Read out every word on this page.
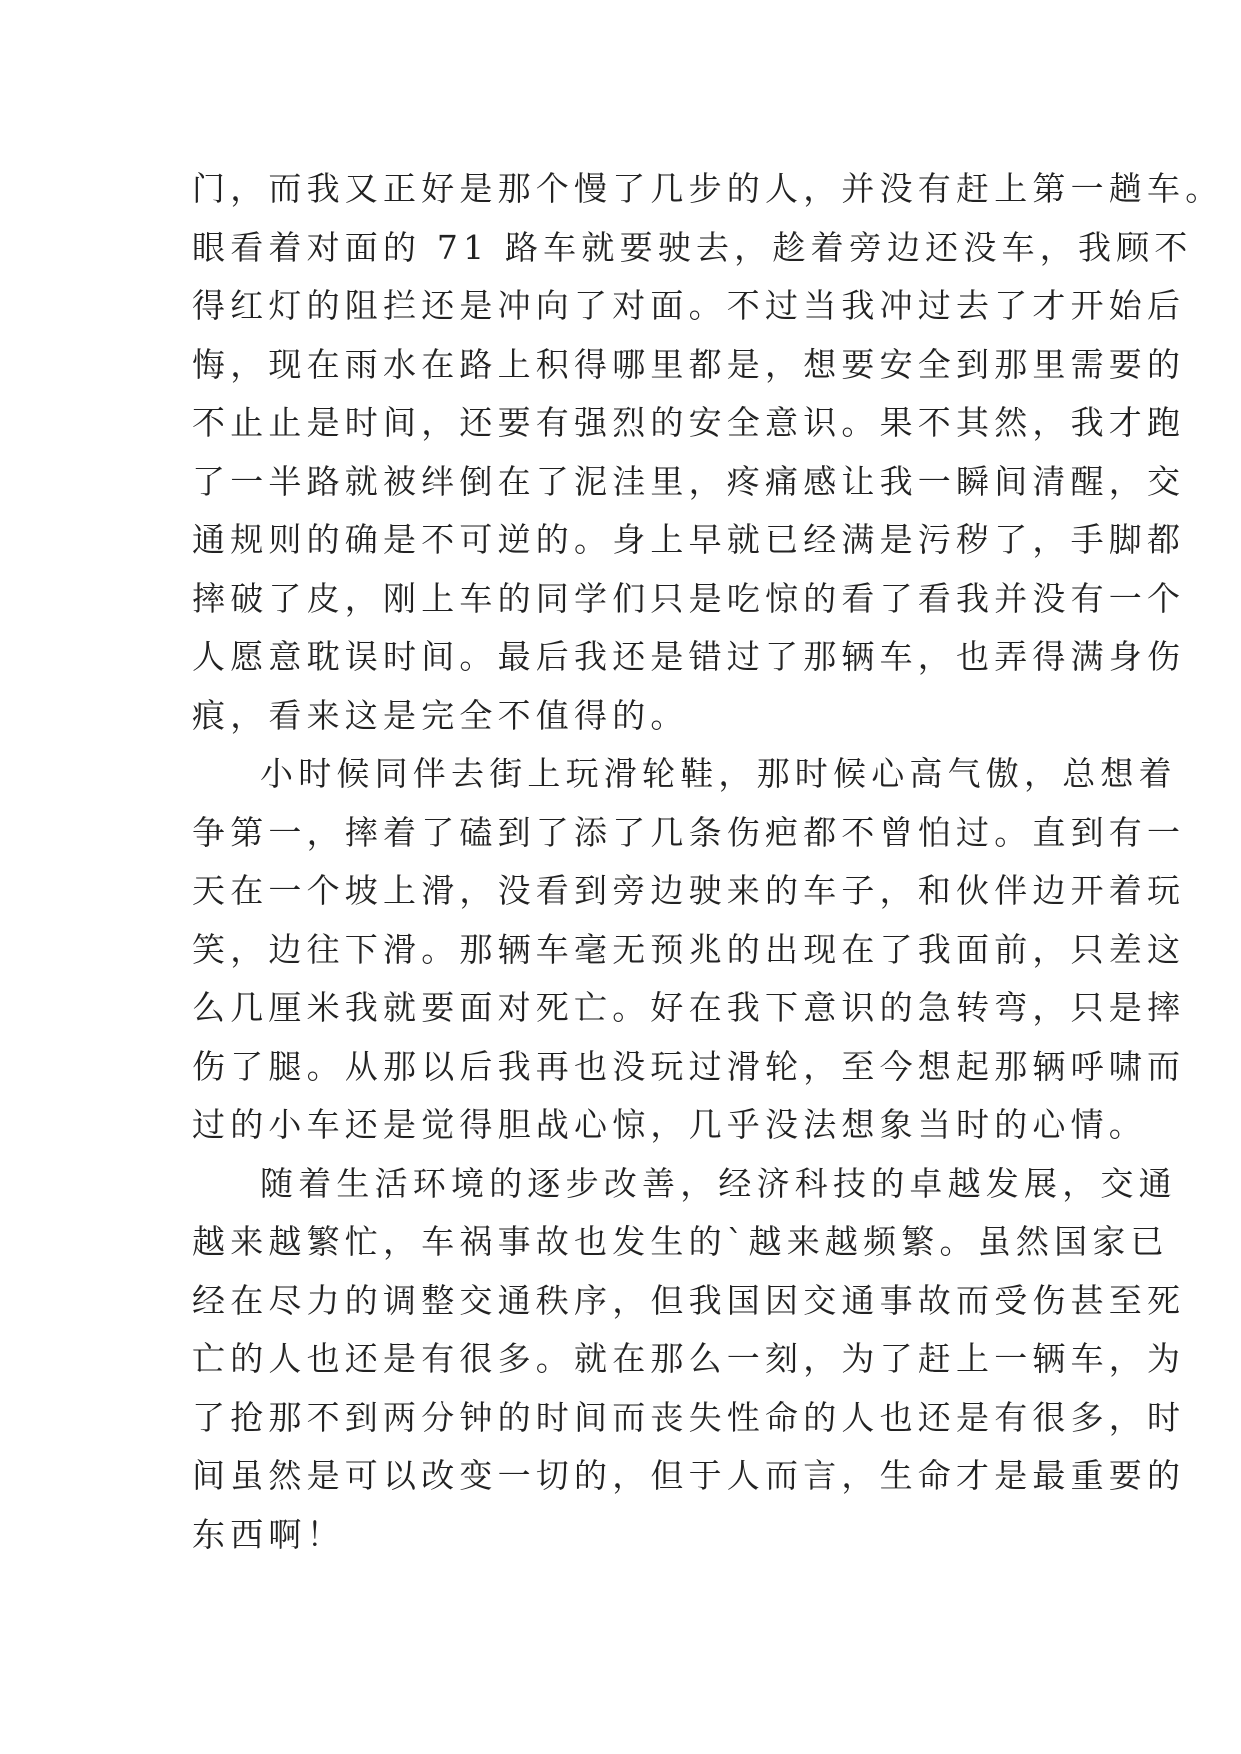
门，而我又正好是那个慢了几步的人，并没有赶上第一趟车。
眼看着对面的 71 路车就要驶去，趁着旁边还没车，我顾不
得红灯的阻拦还是冲向了对面。不过当我冲过去了才开始后
悔，现在雨水在路上积得哪里都是，想要安全到那里需要的
不止止是时间，还要有强烈的安全意识。果不其然，我才跑
了一半路就被绊倒在了泥洼里，疼痛感让我一瞬间清醒，交
通规则的确是不可逆的。身上早就已经满是污秽了，手脚都
摔破了皮，刚上车的同学们只是吃惊的看了看我并没有一个
人愿意耽误时间。最后我还是错过了那辆车，也弄得满身伤
痕，看来这是完全不值得的。
小时候同伴去街上玩滑轮鞋，那时候心高气傲，总想着
争第一，摔着了磕到了添了几条伤疤都不曾怕过。直到有一
天在一个坡上滑，没看到旁边驶来的车子，和伙伴边开着玩
笑，边往下滑。那辆车毫无预兆的出现在了我面前，只差这
么几厘米我就要面对死亡。好在我下意识的急转弯，只是摔
伤了腿。从那以后我再也没玩过滑轮，至今想起那辆呼啸而
过的小车还是觉得胆战心惊，几乎没法想象当时的心情。
随着生活环境的逐步改善，经济科技的卓越发展，交通
越来越繁忙，车祸事故也发生的`越来越频繁。虽然国家已
经在尽力的调整交通秩序，但我国因交通事故而受伤甚至死
亡的人也还是有很多。就在那么一刻，为了赶上一辆车，为
了抢那不到两分钟的时间而丧失性命的人也还是有很多，时
间虽然是可以改变一切的，但于人而言，生命才是最重要的
东西啊！
